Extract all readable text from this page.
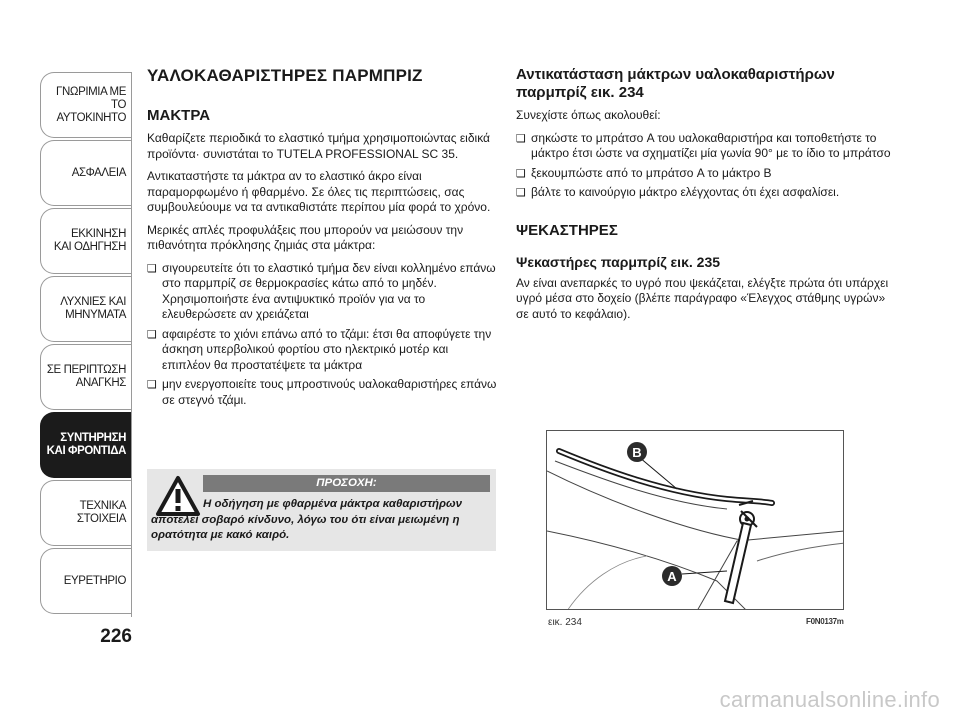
ΓΝΩΡΙΜΙΑ ΜΕ
ΤΟ ΑΥΤΟΚΙΝΗΤΟ
ΑΣΦΑΛΕΙΑ
ΕΚΚΙΝΗΣΗ
ΚΑΙ ΟΔΗΓΗΣΗ
ΛΥΧΝΙΕΣ ΚΑΙ
ΜΗΝΥΜΑΤΑ
ΣΕ ΠΕΡΙΠΤΩΣΗ
ΑΝΑΓΚΗΣ
ΣΥΝΤΗΡΗΣΗ
ΚΑΙ ΦΡΟΝΤΙΔΑ
ΤΕΧΝΙΚΑ
ΣΤΟΙΧΕΙΑ
ΕΥΡΕΤΗΡΙΟ
226
ΥΑΛΟΚΑΘΑΡΙΣΤΗΡΕΣ ΠΑΡΜΠΡΙΖ
ΜΑΚΤΡΑ

Καθαρίζετε περιοδικά το ελαστικό τμήμα χρησιμοποιώντας ειδικά προϊόντα· συνιστάται το TUTELA PROFESSIONAL SC 35.

Αντικαταστήστε τα μάκτρα αν το ελαστικό άκρο είναι παραμορφωμένο ή φθαρμένο. Σε όλες τις περιπτώσεις, σας συμβουλεύουμε να τα αντικαθιστάτε περίπου μία φορά το χρόνο.

Μερικές απλές προφυλάξεις που μπορούν να μειώσουν την πιθανότητα πρόκλησης ζημιάς στα μάκτρα:

❑ σιγουρευτείτε ότι το ελαστικό τμήμα δεν είναι κολλημένο επάνω στο παρμπρίζ σε θερμοκρασίες κάτω από το μηδέν. Χρησιμοποιήστε ένα αντιψυκτικό προϊόν για να το ελευθερώσετε αν χρειάζεται
❑ αφαιρέστε το χιόνι επάνω από το τζάμι: έτσι θα αποφύγετε την άσκηση υπερβολικού φορτίου στο ηλεκτρικό μοτέρ και επιπλέον θα προστατέψετε τα μάκτρα
❑ μην ενεργοποιείτε τους μπροστινούς υαλοκαθαριστήρες επάνω σε στεγνό τζάμι.
ΠΡΟΣΟΧΗ:
Η οδήγηση με φθαρμένα μάκτρα καθαριστήρων αποτελεί σοβαρό κίνδυνο, λόγω του ότι είναι μειωμένη η ορατότητα με κακό καιρό.
Αντικατάσταση μάκτρων υαλοκαθαριστήρων παρμπρίζ εικ. 234

Συνεχίστε όπως ακολουθεί:

❑ σηκώστε το μπράτσο A του υαλοκαθαριστήρα και τοποθετήστε το μάκτρο έτσι ώστε να σχηματίζει μία γωνία 90° με το ίδιο το μπράτσο
❑ ξεκουμπώστε από το μπράτσο A το μάκτρο B
❑ βάλτε το καινούργιο μάκτρο ελέγχοντας ότι έχει ασφαλίσει.
ΨΕΚΑΣΤΗΡΕΣ
Ψεκαστήρες παρμπρίζ εικ. 235

Αν είναι ανεπαρκές το υγρό που ψεκάζεται, ελέγξτε πρώτα ότι υπάρχει υγρό μέσα στο δοχείο (βλέπε παράγραφο «Έλεγχος στάθμης υγρών» σε αυτό το κεφάλαιο).

B
A
εικ. 234	F0N0137m
carmanualsonline.info
